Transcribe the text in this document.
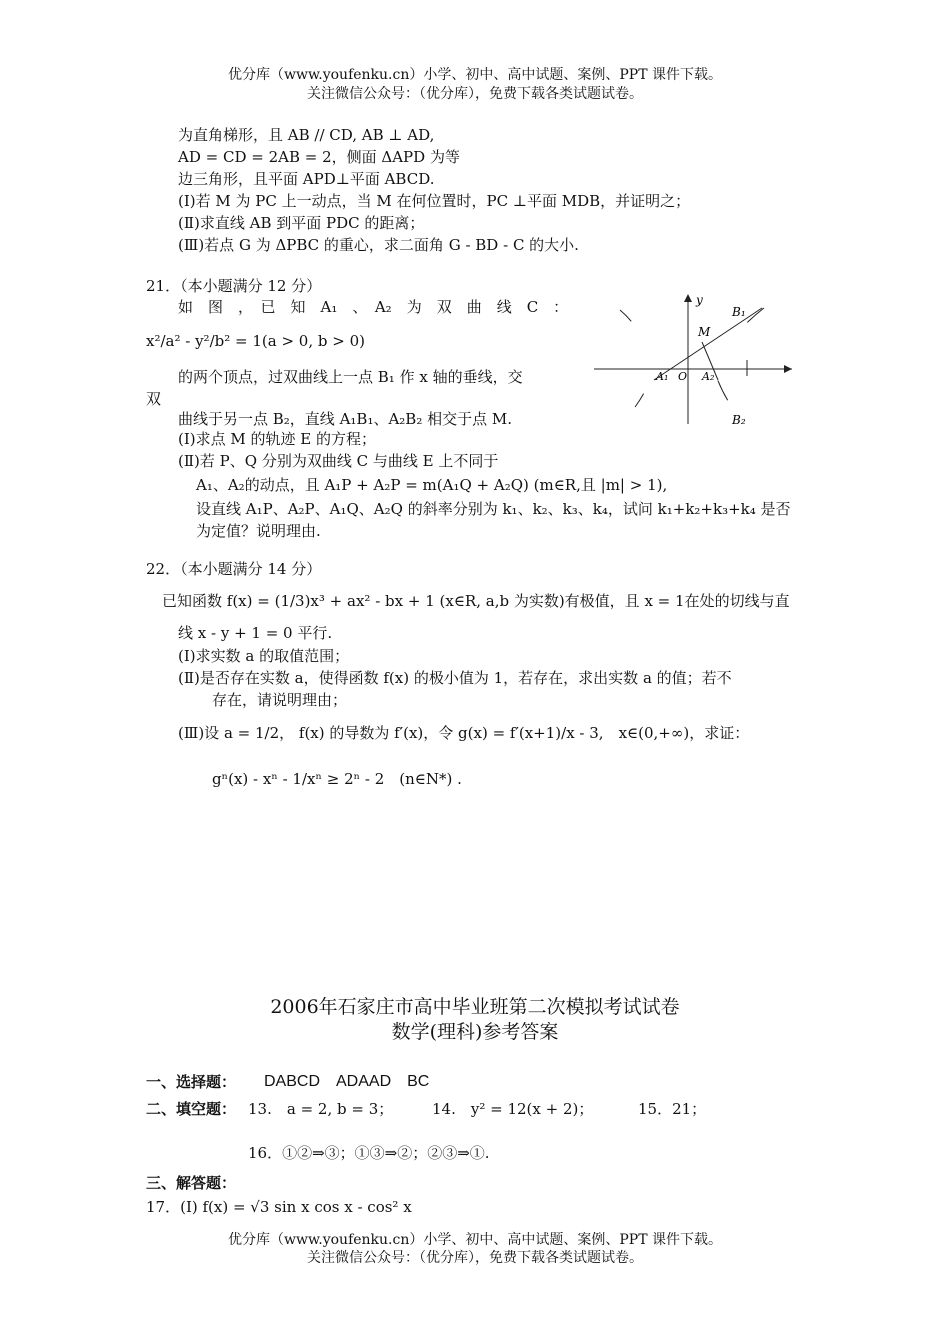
优分库（www.youfenku.cn）小学、初中、高中试题、案例、PPT 课件下载。
关注微信公众号：（优分库），免费下载各类试题试卷。
为直角梯形，且 AB // CD, AB ⊥ AD,
AD = CD = 2AB = 2，侧面 ΔAPD 为等
边三角形，且平面 APD⊥平面 ABCD.
(Ⅰ)若 M 为 PC 上一动点，当 M 在何位置时，PC ⊥平面 MDB，并证明之；
(Ⅱ)求直线 AB 到平面 PDC 的距离；
(Ⅲ)若点 G 为 ΔPBC 的重心，求二面角 G - BD - C 的大小.
21．（本小题满分 12 分）
如　图　，　已　知　A₁　、　A₂　为　双　曲　线　C　：
x²/a² - y²/b² = 1(a > 0, b > 0)
的两个顶点，过双曲线上一点 B₁ 作 x 轴的垂线，交
双
曲线于另一点 B₂，直线 A₁B₁、A₂B₂ 相交于点 M.
(Ⅰ)求点 M 的轨迹 E 的方程；
(Ⅱ)若 P、Q 分别为双曲线 C 与曲线 E 上不同于
A₁、A₂的动点，且 A₁P + A₂P = m(A₁Q + A₂Q) (m∈R,且 |m| > 1),
设直线 A₁P、A₂P、A₁Q、A₂Q 的斜率分别为 k₁、k₂、k₃、k₄，试问 k₁+k₂+k₃+k₄ 是否
为定值？说明理由.
y
B₁
M
A₁ O A₂
B₂
22．（本小题满分 14 分）
已知函数 f(x) = (1/3)x³ + ax² - bx + 1 (x∈R, a,b 为实数)有极值，且 x = 1在处的切线与直
线 x - y + 1 = 0 平行.
(Ⅰ)求实数 a 的取值范围；
(Ⅱ)是否存在实数 a，使得函数 f(x) 的极小值为 1，若存在，求出实数 a 的值；若不
存在，请说明理由；
(Ⅲ)设 a = 1/2， f(x) 的导数为 f′(x)，令 g(x) = f′(x+1)/x - 3,　x∈(0,+∞)，求证：
gⁿ(x) - xⁿ - 1/xⁿ ≥ 2ⁿ - 2　(n∈N*) .
2006年石家庄市高中毕业班第二次模拟考试试卷
数学(理科)参考答案
一、选择题： DABCD　ADAAD　BC
二、填空题： 13.　a = 2, b = 3；	14.　y² = 12(x + 2)；	15．21；
16．①②⇒③；①③⇒②；②③⇒①.
三、解答题：
17．(Ⅰ) f(x) = √3 sin x cos x - cos² x
优分库（www.youfenku.cn）小学、初中、高中试题、案例、PPT 课件下载。
关注微信公众号：（优分库），免费下载各类试题试卷。
